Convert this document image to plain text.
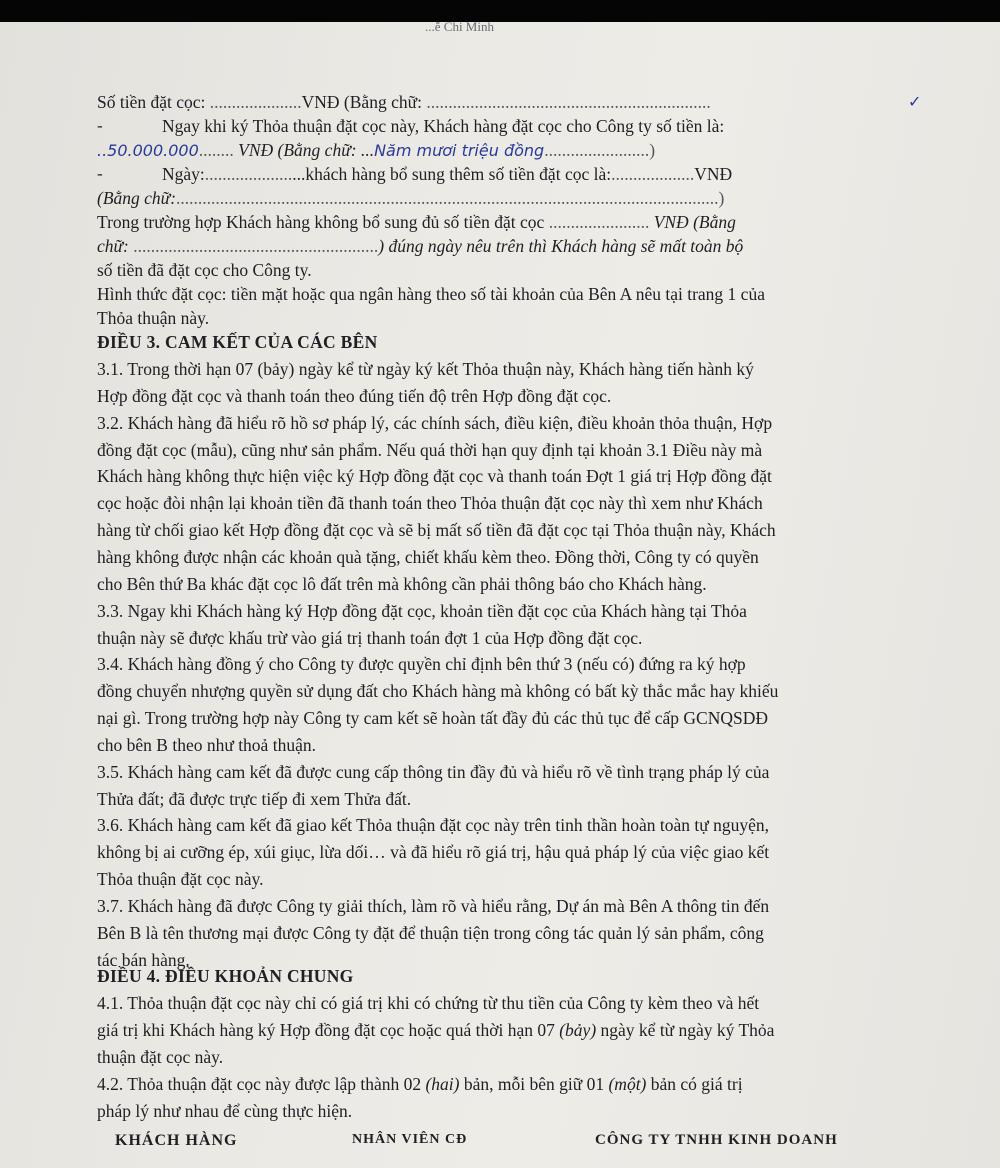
...ễ Chi Minh
✓
Số tiền đặt cọc: .....................VNĐ (Bằng chữ: .................................................................
-	Ngay khi ký Thỏa thuận đặt cọc này, Khách hàng đặt cọc cho Công ty số tiền là:
..50.000.000........ VNĐ (Bằng chữ: ...Năm mươi triệu đồng........................)
-	Ngày:.......................khách hàng bổ sung thêm số tiền đặt cọc là:...................VNĐ
(Bằng chữ:............................................................................................................................)
Trong trường hợp Khách hàng không bổ sung đủ số tiền đặt cọc ....................... VNĐ (Bằng
chữ: ........................................................) đúng ngày nêu trên thì Khách hàng sẽ mất toàn bộ
số tiền đã đặt cọc cho Công ty.
Hình thức đặt cọc: tiền mặt hoặc qua ngân hàng theo số tài khoản của Bên A nêu tại trang 1 của
Thỏa thuận này.
ĐIỀU 3. CAM KẾT CỦA CÁC BÊN
3.1. Trong thời hạn 07 (bảy) ngày kể từ ngày ký kết Thỏa thuận này, Khách hàng tiến hành ký
Hợp đồng đặt cọc và thanh toán theo đúng tiến độ trên Hợp đồng đặt cọc.
3.2. Khách hàng đã hiểu rõ hồ sơ pháp lý, các chính sách, điều kiện, điều khoản thỏa thuận, Hợp
đồng đặt cọc (mẫu), cũng như sản phẩm. Nếu quá thời hạn quy định tại khoản 3.1 Điều này mà
Khách hàng không thực hiện việc ký Hợp đồng đặt cọc và thanh toán Đợt 1 giá trị Hợp đồng đặt
cọc hoặc đòi nhận lại khoản tiền đã thanh toán theo Thỏa thuận đặt cọc này thì xem như Khách
hàng từ chối giao kết Hợp đồng đặt cọc và sẽ bị mất số tiền đã đặt cọc tại Thỏa thuận này, Khách
hàng không được nhận các khoản quà tặng, chiết khấu kèm theo. Đồng thời, Công ty có quyền
cho Bên thứ Ba khác đặt cọc lô đất trên mà không cần phải thông báo cho Khách hàng.
3.3. Ngay khi Khách hàng ký Hợp đồng đặt cọc, khoản tiền đặt cọc của Khách hàng tại Thỏa
thuận này sẽ được khấu trừ vào giá trị thanh toán đợt 1 của Hợp đồng đặt cọc.
3.4. Khách hàng đồng ý cho Công ty được quyền chỉ định bên thứ 3 (nếu có) đứng ra ký hợp
đồng chuyển nhượng quyền sử dụng đất cho Khách hàng mà không có bất kỳ thắc mắc hay khiếu
nại gì. Trong trường hợp này Công ty cam kết sẽ hoàn tất đầy đủ các thủ tục để cấp GCNQSDĐ
cho bên B theo như thoả thuận.
3.5. Khách hàng cam kết đã được cung cấp thông tin đầy đủ và hiểu rõ về tình trạng pháp lý của
Thửa đất; đã được trực tiếp đi xem Thửa đất.
3.6. Khách hàng cam kết đã giao kết Thỏa thuận đặt cọc này trên tinh thần hoàn toàn tự nguyện,
không bị ai cưỡng ép, xúi giục, lừa dối… và đã hiểu rõ giá trị, hậu quả pháp lý của việc giao kết
Thỏa thuận đặt cọc này.
3.7. Khách hàng đã được Công ty giải thích, làm rõ và hiểu rằng, Dự án mà Bên A thông tin đến
Bên B là tên thương mại được Công ty đặt để thuận tiện trong công tác quản lý sản phẩm, công
tác bán hàng.
ĐIỀU 4. ĐIỀU KHOẢN CHUNG
4.1. Thỏa thuận đặt cọc này chỉ có giá trị khi có chứng từ thu tiền của Công ty kèm theo và hết
giá trị khi Khách hàng ký Hợp đồng đặt cọc hoặc quá thời hạn 07 (bảy) ngày kể từ ngày ký Thỏa
thuận đặt cọc này.
4.2. Thỏa thuận đặt cọc này được lập thành 02 (hai) bản, mỗi bên giữ 01 (một) bản có giá trị
pháp lý như nhau để cùng thực hiện.
KHÁCH HÀNG	NHÂN VIÊN CĐ	CÔNG TY TNHH KINH DOANH
